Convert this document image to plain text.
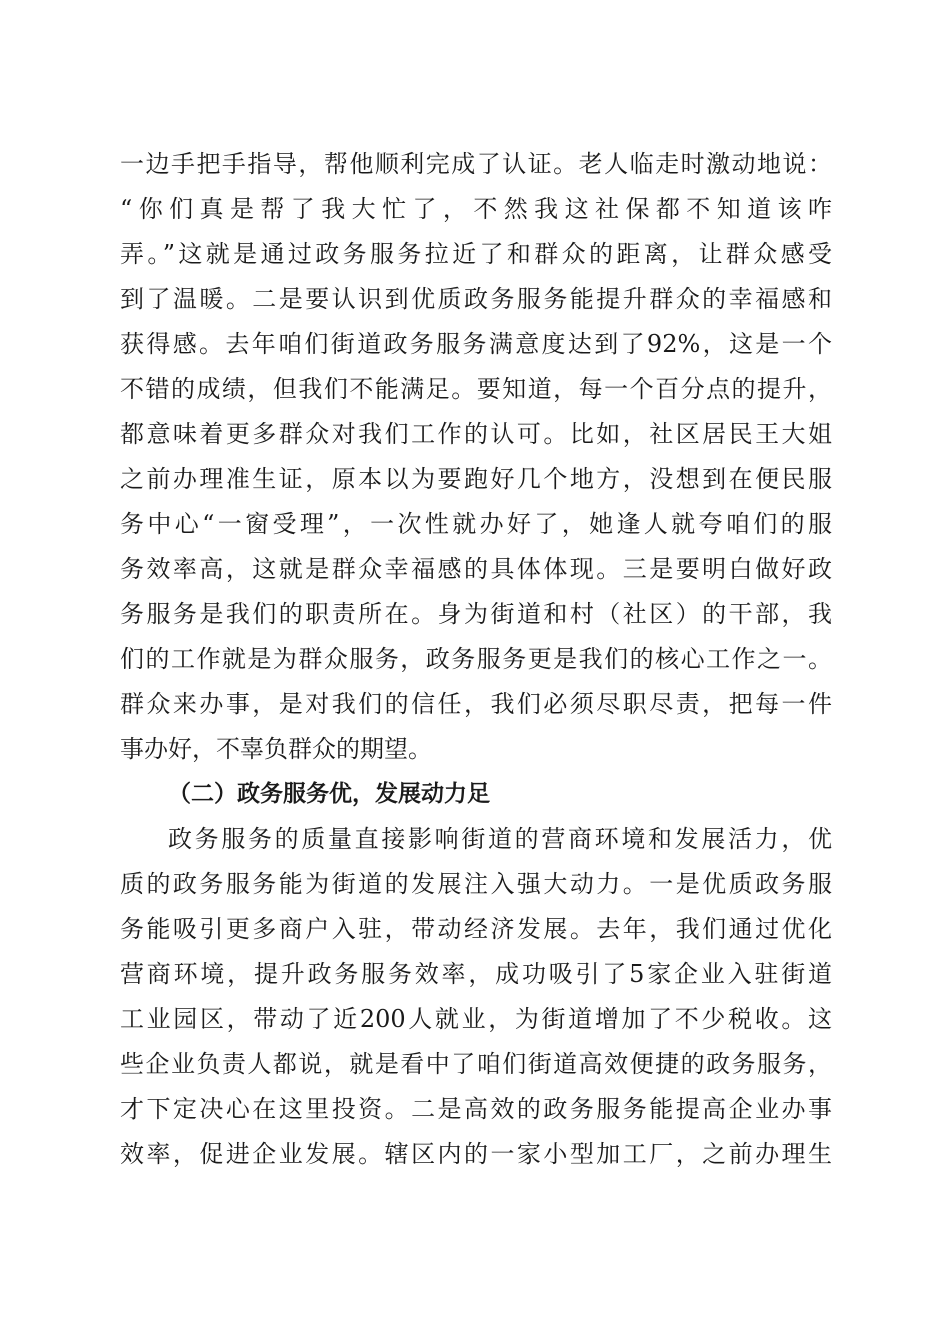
一边手把手指导，帮他顺利完成了认证。老人临走时激动地说：
“你们真是帮了我大忙了，不然我这社保都不知道该咋
弄。”这就是通过政务服务拉近了和群众的距离，让群众感受
到了温暖。二是要认识到优质政务服务能提升群众的幸福感和
获得感。去年咱们街道政务服务满意度达到了92%，这是一个
不错的成绩，但我们不能满足。要知道，每一个百分点的提升，
都意味着更多群众对我们工作的认可。比如，社区居民王大姐
之前办理准生证，原本以为要跑好几个地方，没想到在便民服
务中心“一窗受理”，一次性就办好了，她逢人就夸咱们的服
务效率高，这就是群众幸福感的具体体现。三是要明白做好政
务服务是我们的职责所在。身为街道和村（社区）的干部，我
们的工作就是为群众服务，政务服务更是我们的核心工作之一。
群众来办事，是对我们的信任，我们必须尽职尽责，把每一件
事办好，不辜负群众的期望。
（二）政务服务优，发展动力足
政务服务的质量直接影响街道的营商环境和发展活力，优
质的政务服务能为街道的发展注入强大动力。一是优质政务服
务能吸引更多商户入驻，带动经济发展。去年，我们通过优化
营商环境，提升政务服务效率，成功吸引了5家企业入驻街道
工业园区，带动了近200人就业，为街道增加了不少税收。这
些企业负责人都说，就是看中了咱们街道高效便捷的政务服务，
才下定决心在这里投资。二是高效的政务服务能提高企业办事
效率，促进企业发展。辖区内的一家小型加工厂，之前办理生
